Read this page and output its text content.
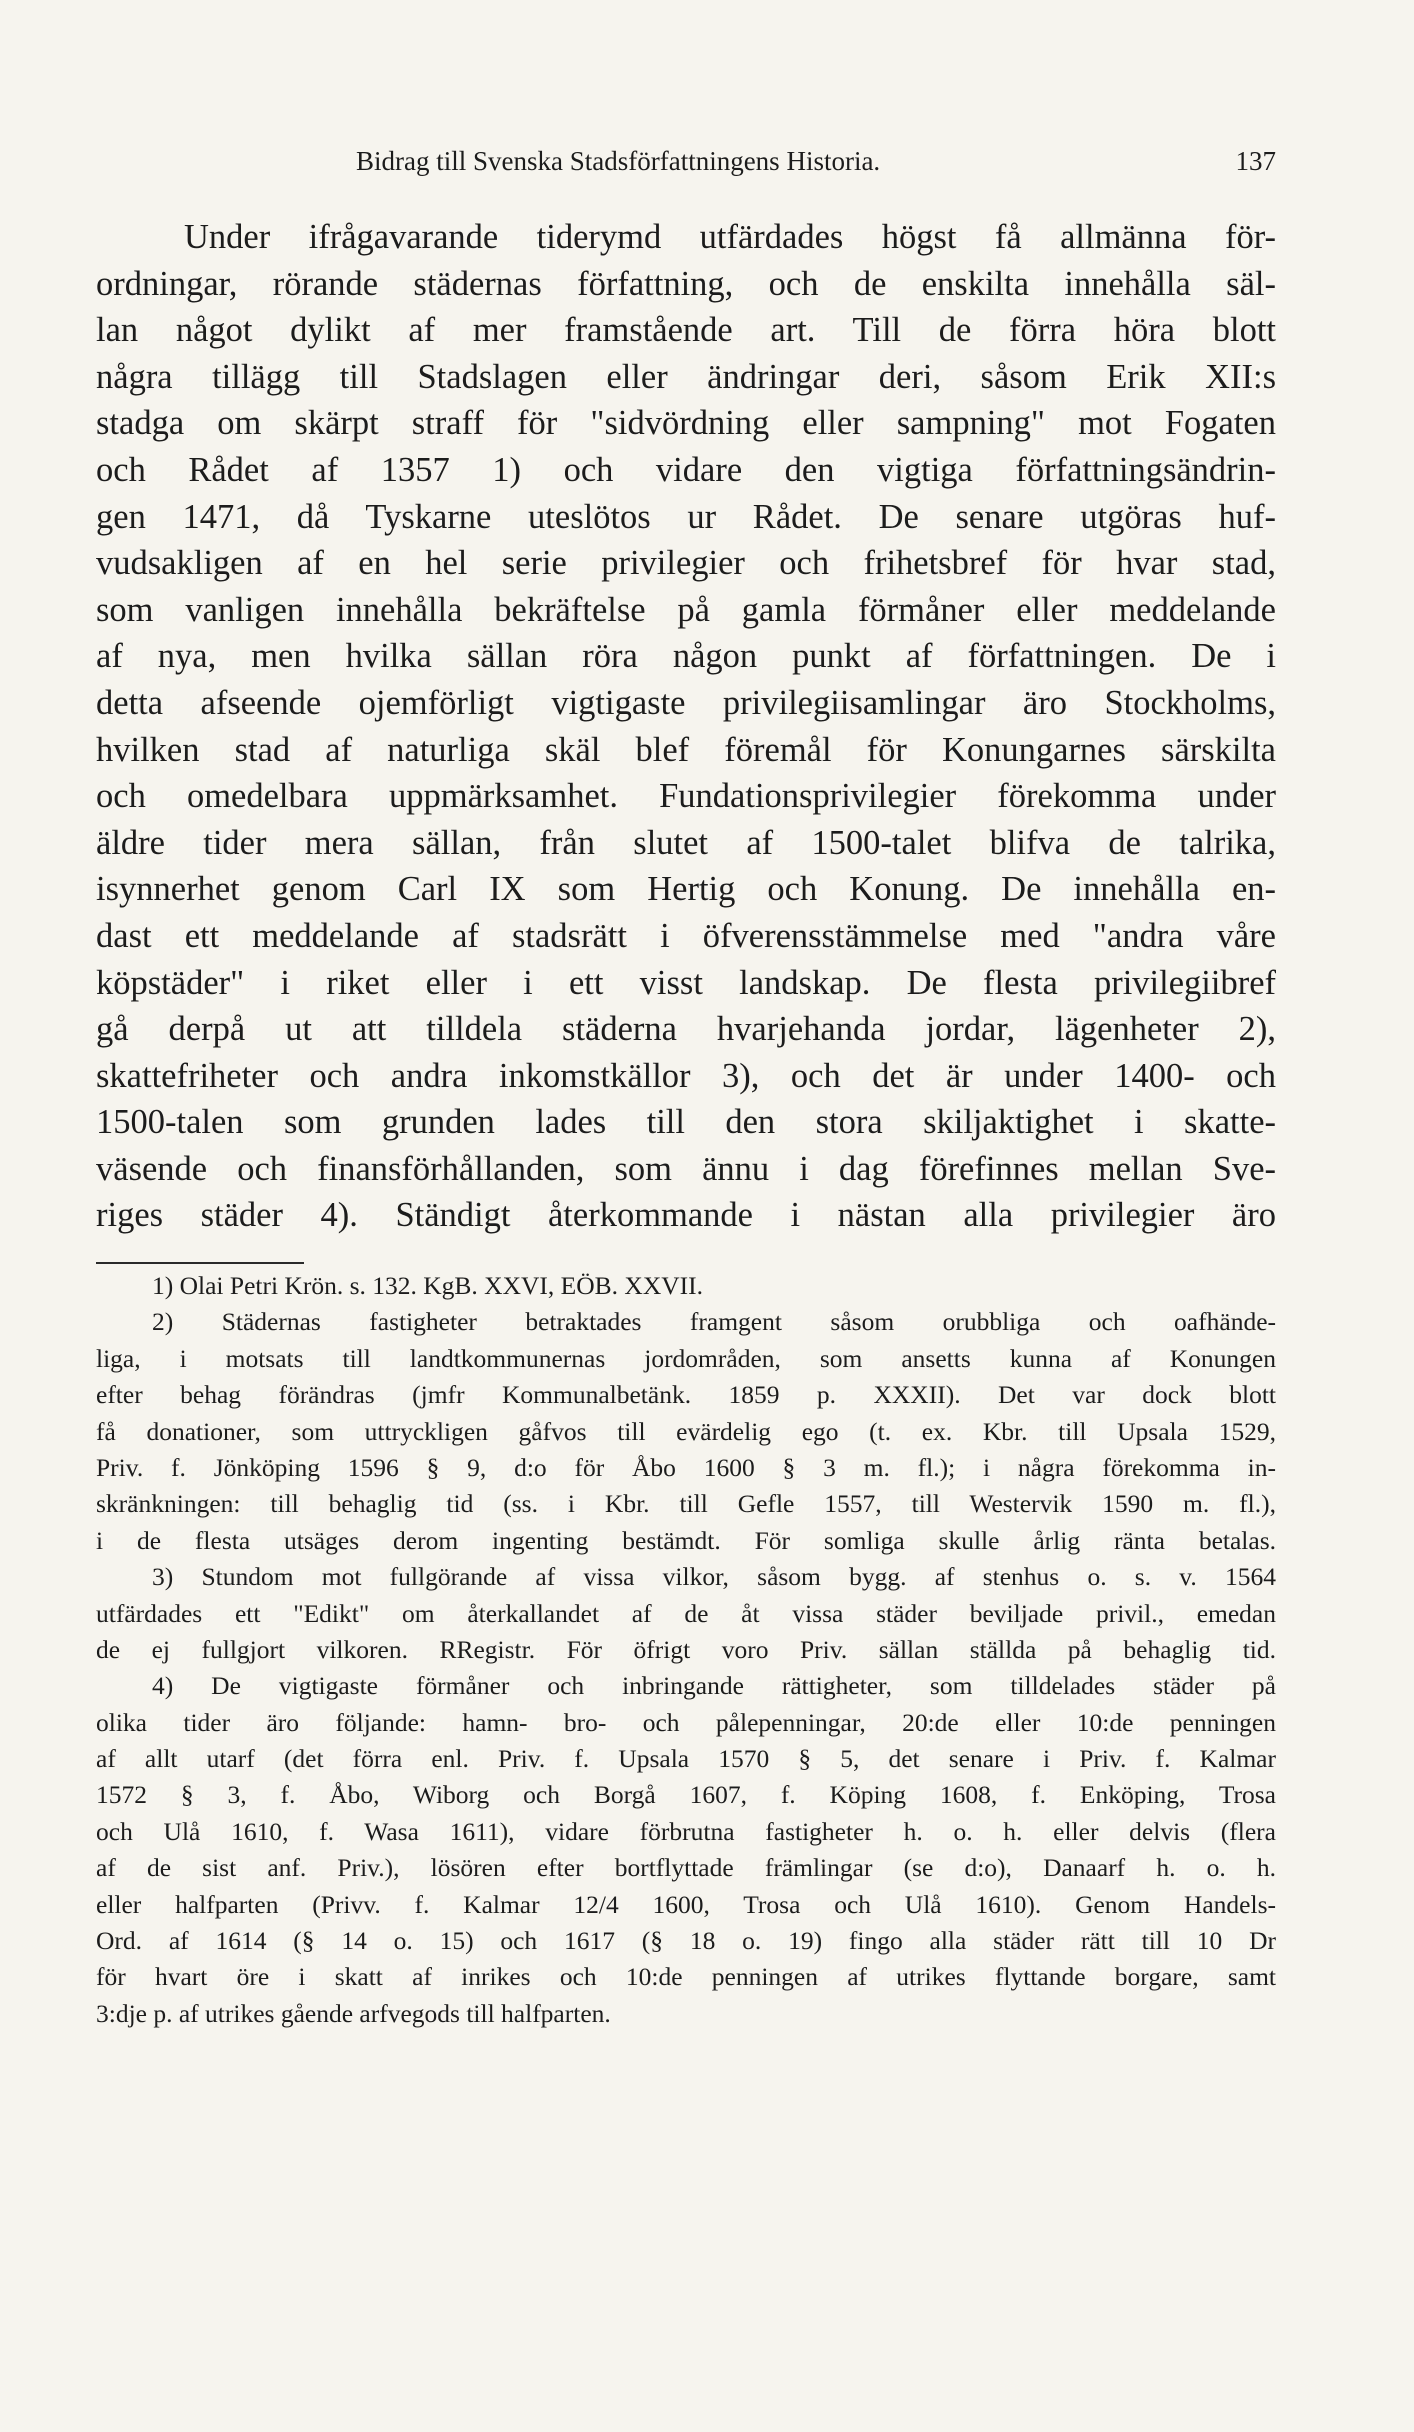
Bidrag till Svenska Stadsförfattningens Historia.	137
Under ifrågavarande tiderymd utfärdades högst få allmänna för-
ordningar, rörande städernas författning, och de enskilta innehålla säl-
lan något dylikt af mer framstående art. Till de förra höra blott
några tillägg till Stadslagen eller ändringar deri, såsom Erik XII:s
stadga om skärpt straff för "sidvördning eller sampning" mot Fogaten
och Rådet af 1357 1) och vidare den vigtiga författningsändrin-
gen 1471, då Tyskarne uteslötos ur Rådet. De senare utgöras huf-
vudsakligen af en hel serie privilegier och frihetsbref för hvar stad,
som vanligen innehålla bekräftelse på gamla förmåner eller meddelande
af nya, men hvilka sällan röra någon punkt af författningen. De i
detta afseende ojemförligt vigtigaste privilegiisamlingar äro Stockholms,
hvilken stad af naturliga skäl blef föremål för Konungarnes särskilta
och omedelbara uppmärksamhet. Fundationsprivilegier förekomma under
äldre tider mera sällan, från slutet af 1500-talet blifva de talrika,
isynnerhet genom Carl IX som Hertig och Konung. De innehålla en-
dast ett meddelande af stadsrätt i öfverensstämmelse med "andra våre
köpstäder" i riket eller i ett visst landskap. De flesta privilegiibref
gå derpå ut att tilldela städerna hvarjehanda jordar, lägenheter 2),
skattefriheter och andra inkomstkällor 3), och det är under 1400- och
1500-talen som grunden lades till den stora skiljaktighet i skatte-
väsende och finansförhållanden, som ännu i dag förefinnes mellan Sve-
riges städer 4). Ständigt återkommande i nästan alla privilegier äro
1) Olai Petri Krön. s. 132. KgB. XXVI, EÖB. XXVII.
2) Städernas fastigheter betraktades framgent såsom orubbliga och oafhände-
liga, i motsats till landtkommunernas jordområden, som ansetts kunna af Konungen
efter behag förändras (jmfr Kommunalbetänk. 1859 p. XXXII). Det var dock blott
få donationer, som uttryckligen gåfvos till evärdelig ego (t. ex. Kbr. till Upsala 1529,
Priv. f. Jönköping 1596 § 9, d:o för Åbo 1600 § 3 m. fl.); i några förekomma in-
skränkningen: till behaglig tid (ss. i Kbr. till Gefle 1557, till Westervik 1590 m. fl.),
i de flesta utsäges derom ingenting bestämdt. För somliga skulle årlig ränta betalas.
3) Stundom mot fullgörande af vissa vilkor, såsom bygg. af stenhus o. s. v. 1564
utfärdades ett "Edikt" om återkallandet af de åt vissa städer beviljade privil., emedan
de ej fullgjort vilkoren. RRegistr. För öfrigt voro Priv. sällan ställda på behaglig tid.
4) De vigtigaste förmåner och inbringande rättigheter, som tilldelades städer på
olika tider äro följande: hamn- bro- och pålepenningar, 20:de eller 10:de penningen
af allt utarf (det förra enl. Priv. f. Upsala 1570 § 5, det senare i Priv. f. Kalmar
1572 § 3, f. Åbo, Wiborg och Borgå 1607, f. Köping 1608, f. Enköping, Trosa
och Ulå 1610, f. Wasa 1611), vidare förbrutna fastigheter h. o. h. eller delvis (flera
af de sist anf. Priv.), lösören efter bortflyttade främlingar (se d:o), Danaarf h. o. h.
eller halfparten (Privv. f. Kalmar 12/4 1600, Trosa och Ulå 1610). Genom Handels-
Ord. af 1614 (§ 14 o. 15) och 1617 (§ 18 o. 19) fingo alla städer rätt till 10 Dr
för hvart öre i skatt af inrikes och 10:de penningen af utrikes flyttande borgare, samt
3:dje p. af utrikes gående arfvegods till halfparten.
